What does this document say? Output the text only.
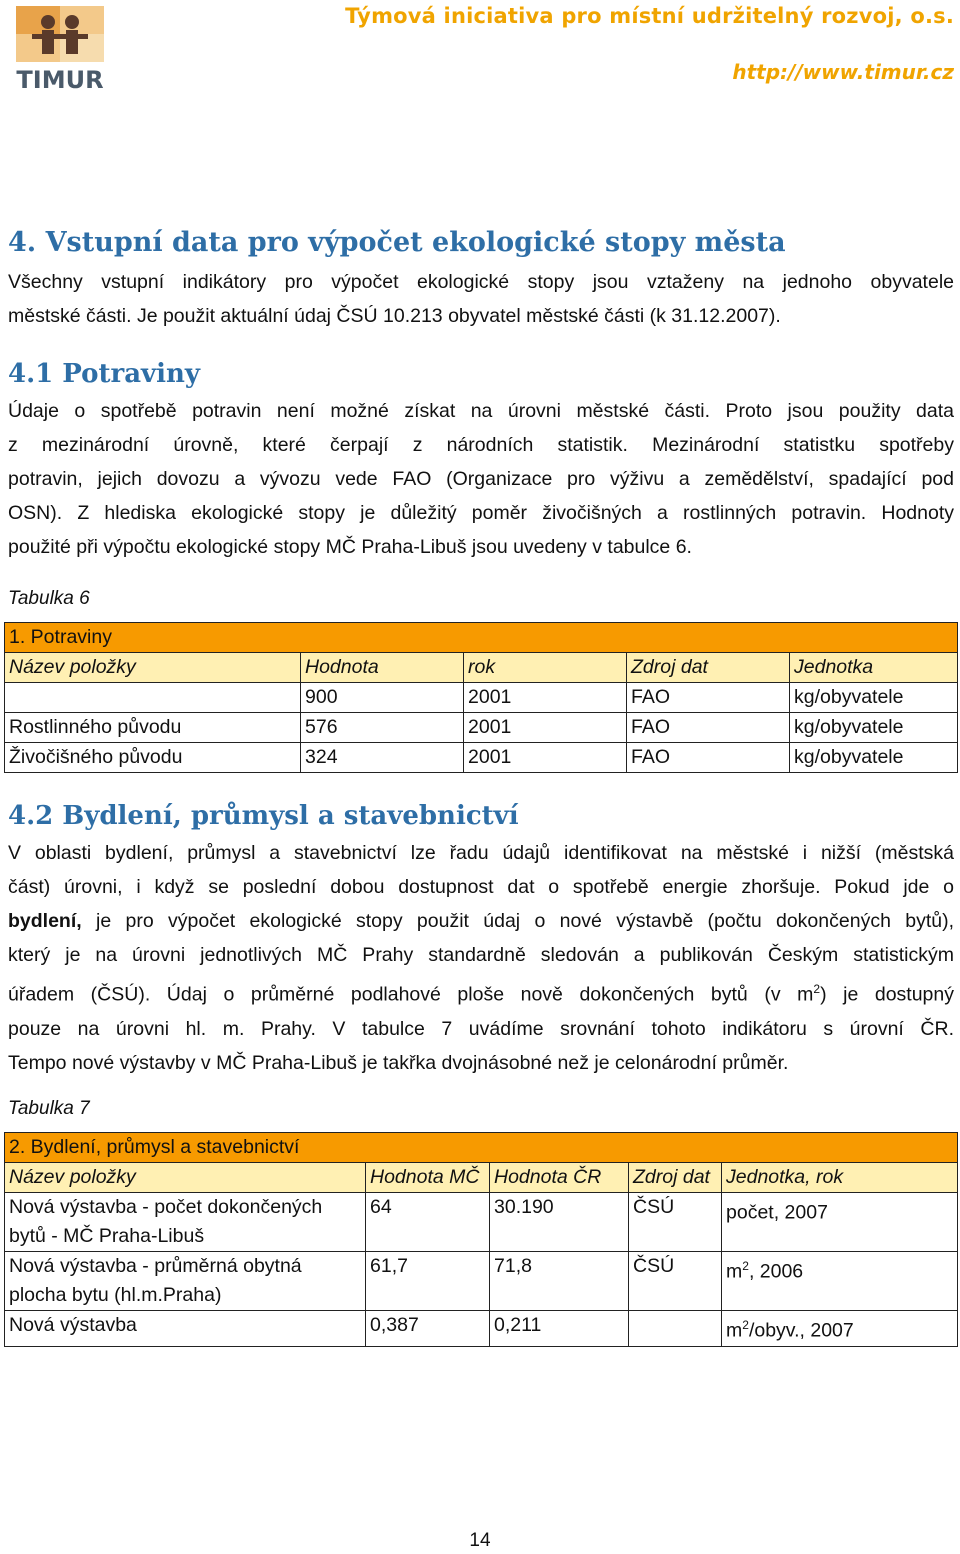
TIMUR
Týmová iniciativa pro místní udržitelný rozvoj, o.s.
http://www.timur.cz
4. Vstupní data pro výpočet ekologické stopy města
Všechny vstupní indikátory pro výpočet ekologické stopy jsou vztaženy na jednoho obyvatele
městské části. Je použit aktuální údaj ČSÚ 10.213 obyvatel městské části (k 31.12.2007).
4.1 Potraviny
Údaje o spotřebě potravin není možné získat na úrovni městské části. Proto jsou použity data
z mezinárodní úrovně, které čerpají z národních statistik. Mezinárodní statistku spotřeby
potravin, jejich dovozu a vývozu vede FAO (Organizace pro výživu a zemědělství, spadající pod
OSN). Z hlediska ekologické stopy je důležitý poměr živočišných a rostlinných potravin. Hodnoty
použité při výpočtu ekologické stopy MČ Praha-Libuš jsou uvedeny v tabulce 6.

Tabulka 6

1. Potraviny				
Název položky	Hodnota	rok	Zdroj dat	Jednotka
	900	2001	FAO	kg/obyvatele
Rostlinného původu	576	2001	FAO	kg/obyvatele
Živočišného původu	324	2001	FAO	kg/obyvatele
4.2 Bydlení, průmysl a stavebnictví
V oblasti bydlení, průmysl a stavebnictví lze řadu údajů identifikovat na městské i nižší (městská
část) úrovni, i když se poslední dobou dostupnost dat o spotřebě energie zhoršuje. Pokud jde o
bydlení, je pro výpočet ekologické stopy použit údaj o nové výstavbě (počtu dokončených bytů),
který je na úrovni jednotlivých MČ Prahy standardně sledován a publikován Českým statistickým
úřadem (ČSÚ). Údaj o průměrné podlahové ploše nově dokončených bytů (v $m^2$) je dostupný
pouze na úrovni hl. m. Prahy. V tabulce 7 uvádíme srovnání tohoto indikátoru s úrovní ČR.
Tempo nové výstavby v MČ Praha-Libuš je takřka dvojnásobné než je celonárodní průměr.

Tabulka 7

2. Bydlení, průmysl a stavebnictví				
Název položky	Hodnota MČ	Hodnota ČR	Zdroj dat	Jednotka, rok
Nová výstavba - počet dokončených bytů - MČ Praha-Libuš	64	30.190	ČSÚ	počet, 2007
Nová výstavba - průměrná obytná plocha bytu (hl.m.Praha)	61,7	71,8	ČSÚ	$m^2$, 2006
Nová výstavba	0,387	0,211		$m^2$/obyv., 2007
14
